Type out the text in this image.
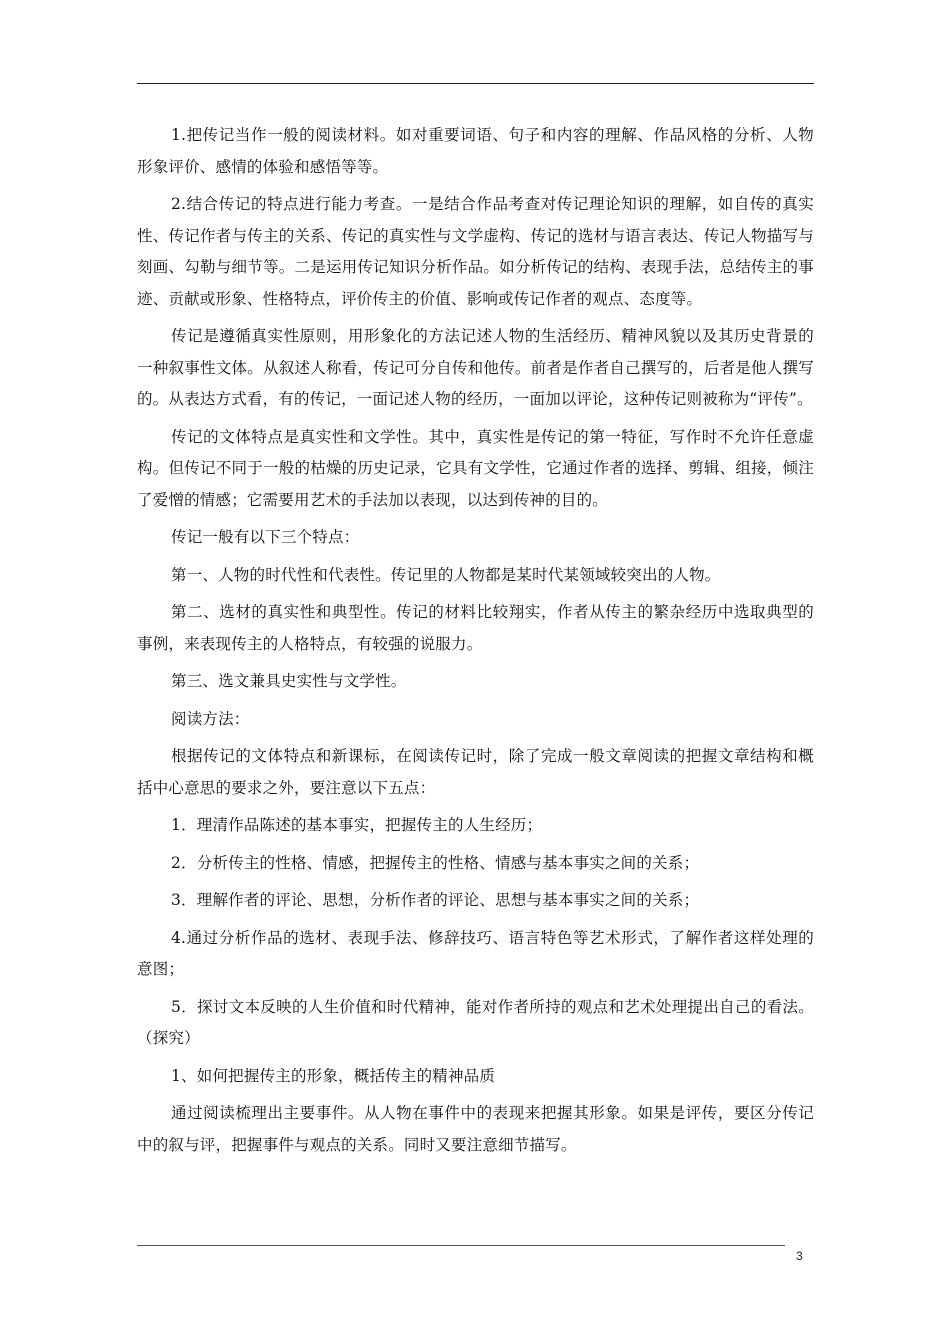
1.把传记当作一般的阅读材料。如对重要词语、句子和内容的理解、作品风格的分析、人物形象评价、感情的体验和感悟等等。

2.结合传记的特点进行能力考查。一是结合作品考查对传记理论知识的理解，如自传的真实性、传记作者与传主的关系、传记的真实性与文学虚构、传记的选材与语言表达、传记人物描写与刻画、勾勒与细节等。二是运用传记知识分析作品。如分析传记的结构、表现手法，总结传主的事迹、贡献或形象、性格特点，评价传主的价值、影响或传记作者的观点、态度等。

传记是遵循真实性原则，用形象化的方法记述人物的生活经历、精神风貌以及其历史背景的一种叙事性文体。从叙述人称看，传记可分自传和他传。前者是作者自己撰写的，后者是他人撰写的。从表达方式看，有的传记，一面记述人物的经历，一面加以评论，这种传记则被称为“评传”。

传记的文体特点是真实性和文学性。其中，真实性是传记的第一特征，写作时不允许任意虚构。但传记不同于一般的枯燥的历史记录，它具有文学性，它通过作者的选择、剪辑、组接，倾注了爱憎的情感；它需要用艺术的手法加以表现，以达到传神的目的。

传记一般有以下三个特点：

第一、人物的时代性和代表性。传记里的人物都是某时代某领域较突出的人物。

第二、选材的真实性和典型性。传记的材料比较翔实，作者从传主的繁杂经历中选取典型的事例，来表现传主的人格特点，有较强的说服力。

第三、选文兼具史实性与文学性。

阅读方法：

根据传记的文体特点和新课标，在阅读传记时，除了完成一般文章阅读的把握文章结构和概括中心意思的要求之外，要注意以下五点：

1．理清作品陈述的基本事实，把握传主的人生经历；

2．分析传主的性格、情感，把握传主的性格、情感与基本事实之间的关系；

3．理解作者的评论、思想，分析作者的评论、思想与基本事实之间的关系；

4.通过分析作品的选材、表现手法、修辞技巧、语言特色等艺术形式，了解作者这样处理的意图；

5．探讨文本反映的人生价值和时代精神，能对作者所持的观点和艺术处理提出自己的看法。（探究）

1、如何把握传主的形象，概括传主的精神品质

通过阅读梳理出主要事件。从人物在事件中的表现来把握其形象。如果是评传，要区分传记中的叙与评，把握事件与观点的关系。同时又要注意细节描写。

3
